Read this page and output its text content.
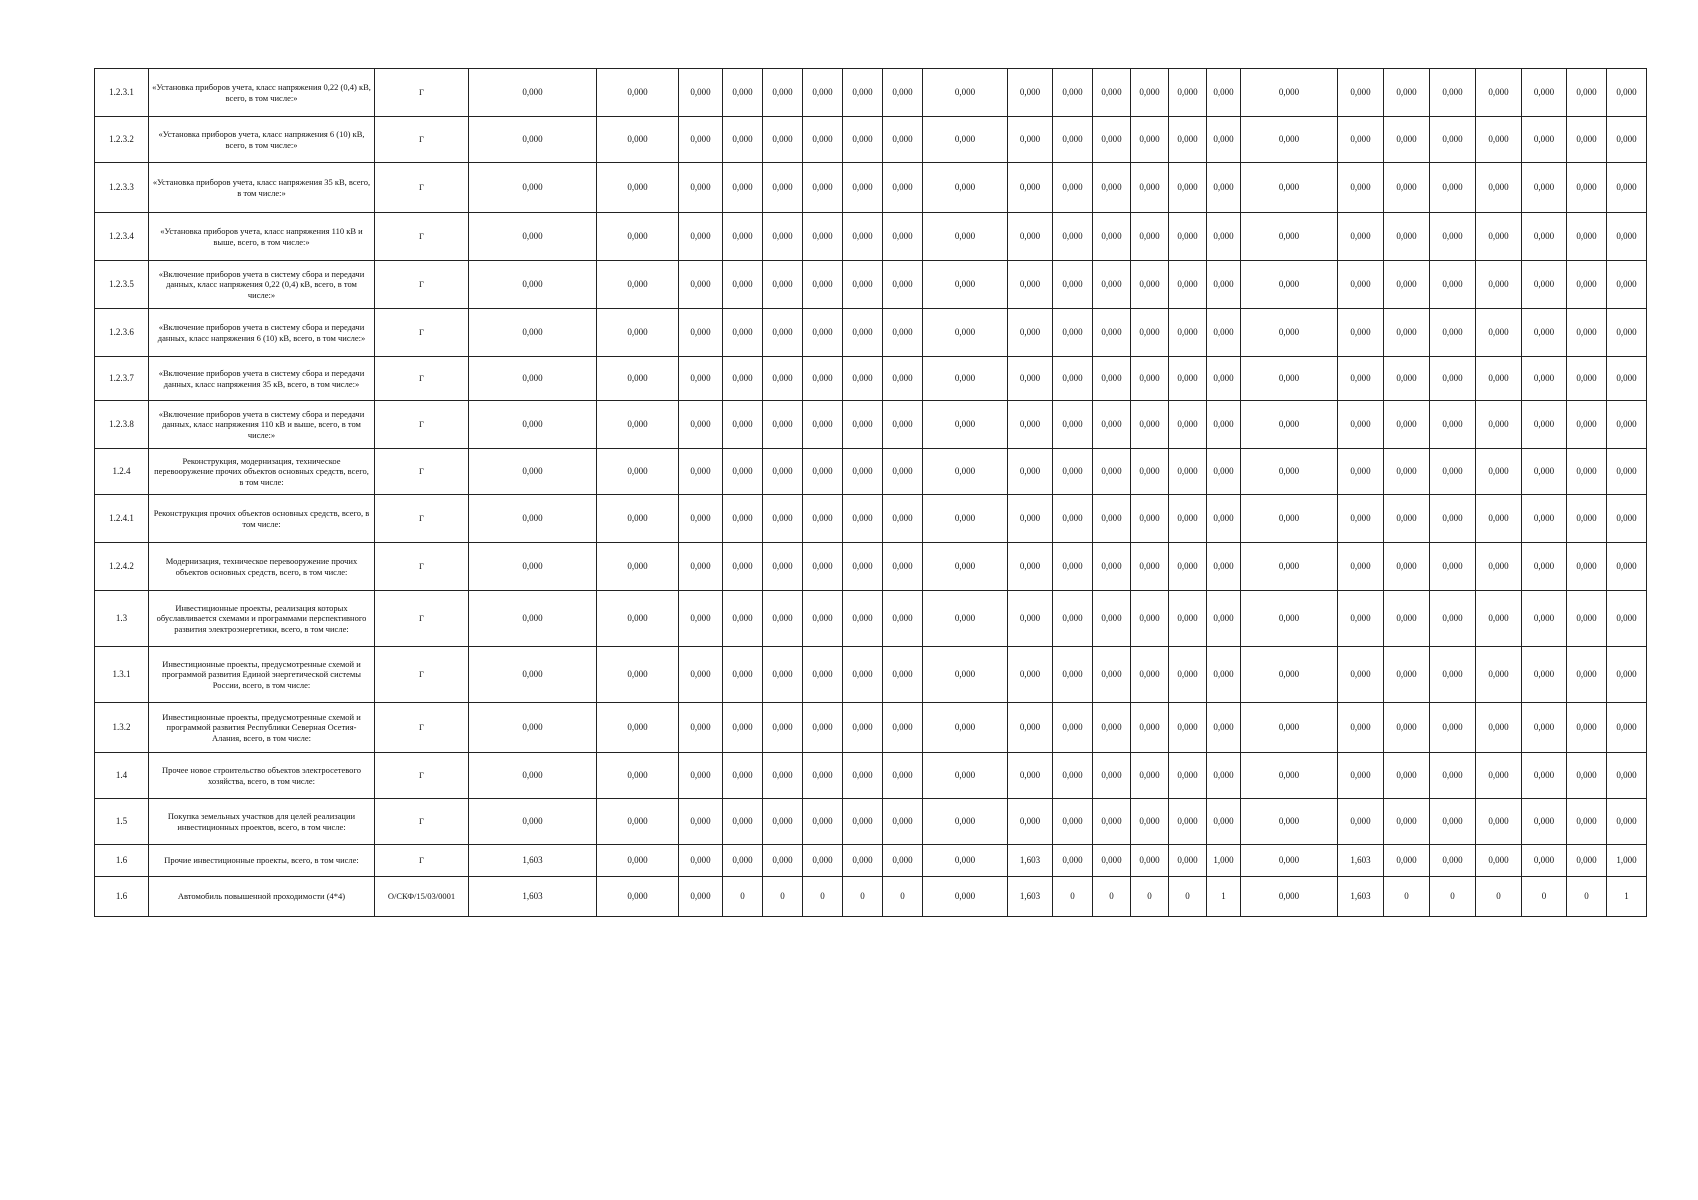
1.2.3.1	«Установка приборов учета, класс напряжения 0,22 (0,4) кВ, всего, в том числе:»	Г	0,000	0,000	0,000	0,000	0,000	0,000	0,000	0,000	0,000	0,000	0,000	0,000	0,000	0,000	0,000	0,000	0,000	0,000	0,000	0,000	0,000	0,000	0,000
1.2.3.2	«Установка приборов учета, класс напряжения 6 (10) кВ, всего, в том числе:»	Г	0,000	0,000	0,000	0,000	0,000	0,000	0,000	0,000	0,000	0,000	0,000	0,000	0,000	0,000	0,000	0,000	0,000	0,000	0,000	0,000	0,000	0,000	0,000
1.2.3.3	«Установка приборов учета, класс напряжения 35 кВ, всего, в том числе:»	Г	0,000	0,000	0,000	0,000	0,000	0,000	0,000	0,000	0,000	0,000	0,000	0,000	0,000	0,000	0,000	0,000	0,000	0,000	0,000	0,000	0,000	0,000	0,000
1.2.3.4	«Установка приборов учета, класс напряжения 110 кВ и выше, всего, в том числе:»	Г	0,000	0,000	0,000	0,000	0,000	0,000	0,000	0,000	0,000	0,000	0,000	0,000	0,000	0,000	0,000	0,000	0,000	0,000	0,000	0,000	0,000	0,000	0,000
1.2.3.5	«Включение приборов учета в систему сбора и передачи данных, класс напряжения 0,22 (0,4) кВ, всего, в том числе:»	Г	0,000	0,000	0,000	0,000	0,000	0,000	0,000	0,000	0,000	0,000	0,000	0,000	0,000	0,000	0,000	0,000	0,000	0,000	0,000	0,000	0,000	0,000	0,000
1.2.3.6	«Включение приборов учета в систему сбора и передачи данных, класс напряжения 6 (10) кВ, всего, в том числе:»	Г	0,000	0,000	0,000	0,000	0,000	0,000	0,000	0,000	0,000	0,000	0,000	0,000	0,000	0,000	0,000	0,000	0,000	0,000	0,000	0,000	0,000	0,000	0,000
1.2.3.7	«Включение приборов учета в систему сбора и передачи данных, класс напряжения 35 кВ, всего, в том числе:»	Г	0,000	0,000	0,000	0,000	0,000	0,000	0,000	0,000	0,000	0,000	0,000	0,000	0,000	0,000	0,000	0,000	0,000	0,000	0,000	0,000	0,000	0,000	0,000
1.2.3.8	«Включение приборов учета в систему сбора и передачи данных, класс напряжения 110 кВ и выше, всего, в том числе:»	Г	0,000	0,000	0,000	0,000	0,000	0,000	0,000	0,000	0,000	0,000	0,000	0,000	0,000	0,000	0,000	0,000	0,000	0,000	0,000	0,000	0,000	0,000	0,000
1.2.4	Реконструкция, модернизация, техническое перевооружение прочих объектов основных средств, всего, в том числе:	Г	0,000	0,000	0,000	0,000	0,000	0,000	0,000	0,000	0,000	0,000	0,000	0,000	0,000	0,000	0,000	0,000	0,000	0,000	0,000	0,000	0,000	0,000	0,000
1.2.4.1	Реконструкция прочих объектов основных средств, всего, в том числе:	Г	0,000	0,000	0,000	0,000	0,000	0,000	0,000	0,000	0,000	0,000	0,000	0,000	0,000	0,000	0,000	0,000	0,000	0,000	0,000	0,000	0,000	0,000	0,000
1.2.4.2	Модернизация, техническое перевооружение прочих объектов основных средств, всего, в том числе:	Г	0,000	0,000	0,000	0,000	0,000	0,000	0,000	0,000	0,000	0,000	0,000	0,000	0,000	0,000	0,000	0,000	0,000	0,000	0,000	0,000	0,000	0,000	0,000
1.3	Инвестиционные проекты, реализация которых обуславливается схемами и программами перспективного развития электроэнергетики, всего, в том числе:	Г	0,000	0,000	0,000	0,000	0,000	0,000	0,000	0,000	0,000	0,000	0,000	0,000	0,000	0,000	0,000	0,000	0,000	0,000	0,000	0,000	0,000	0,000	0,000
1.3.1	Инвестиционные проекты, предусмотренные схемой и программой развития Единой энергетической системы России, всего, в том числе:	Г	0,000	0,000	0,000	0,000	0,000	0,000	0,000	0,000	0,000	0,000	0,000	0,000	0,000	0,000	0,000	0,000	0,000	0,000	0,000	0,000	0,000	0,000	0,000
1.3.2	Инвестиционные проекты, предусмотренные схемой и программой развития Республики Северная Осетия-Алания, всего, в том числе:	Г	0,000	0,000	0,000	0,000	0,000	0,000	0,000	0,000	0,000	0,000	0,000	0,000	0,000	0,000	0,000	0,000	0,000	0,000	0,000	0,000	0,000	0,000	0,000
1.4	Прочее новое строительство объектов электросетевого хозяйства, всего, в том числе:	Г	0,000	0,000	0,000	0,000	0,000	0,000	0,000	0,000	0,000	0,000	0,000	0,000	0,000	0,000	0,000	0,000	0,000	0,000	0,000	0,000	0,000	0,000	0,000
1.5	Покупка земельных участков для целей реализации инвестиционных проектов, всего, в том числе:	Г	0,000	0,000	0,000	0,000	0,000	0,000	0,000	0,000	0,000	0,000	0,000	0,000	0,000	0,000	0,000	0,000	0,000	0,000	0,000	0,000	0,000	0,000	0,000
1.6	Прочие инвестиционные проекты, всего, в том числе:	Г	1,603	0,000	0,000	0,000	0,000	0,000	0,000	0,000	0,000	1,603	0,000	0,000	0,000	0,000	1,000	0,000	1,603	0,000	0,000	0,000	0,000	0,000	1,000
1.6	Автомобиль повышенной проходимости (4*4)	О/СКФ/15/03/0001	1,603	0,000	0,000	0	0	0	0	0	0,000	1,603	0	0	0	0	1	0,000	1,603	0	0	0	0	0	1
